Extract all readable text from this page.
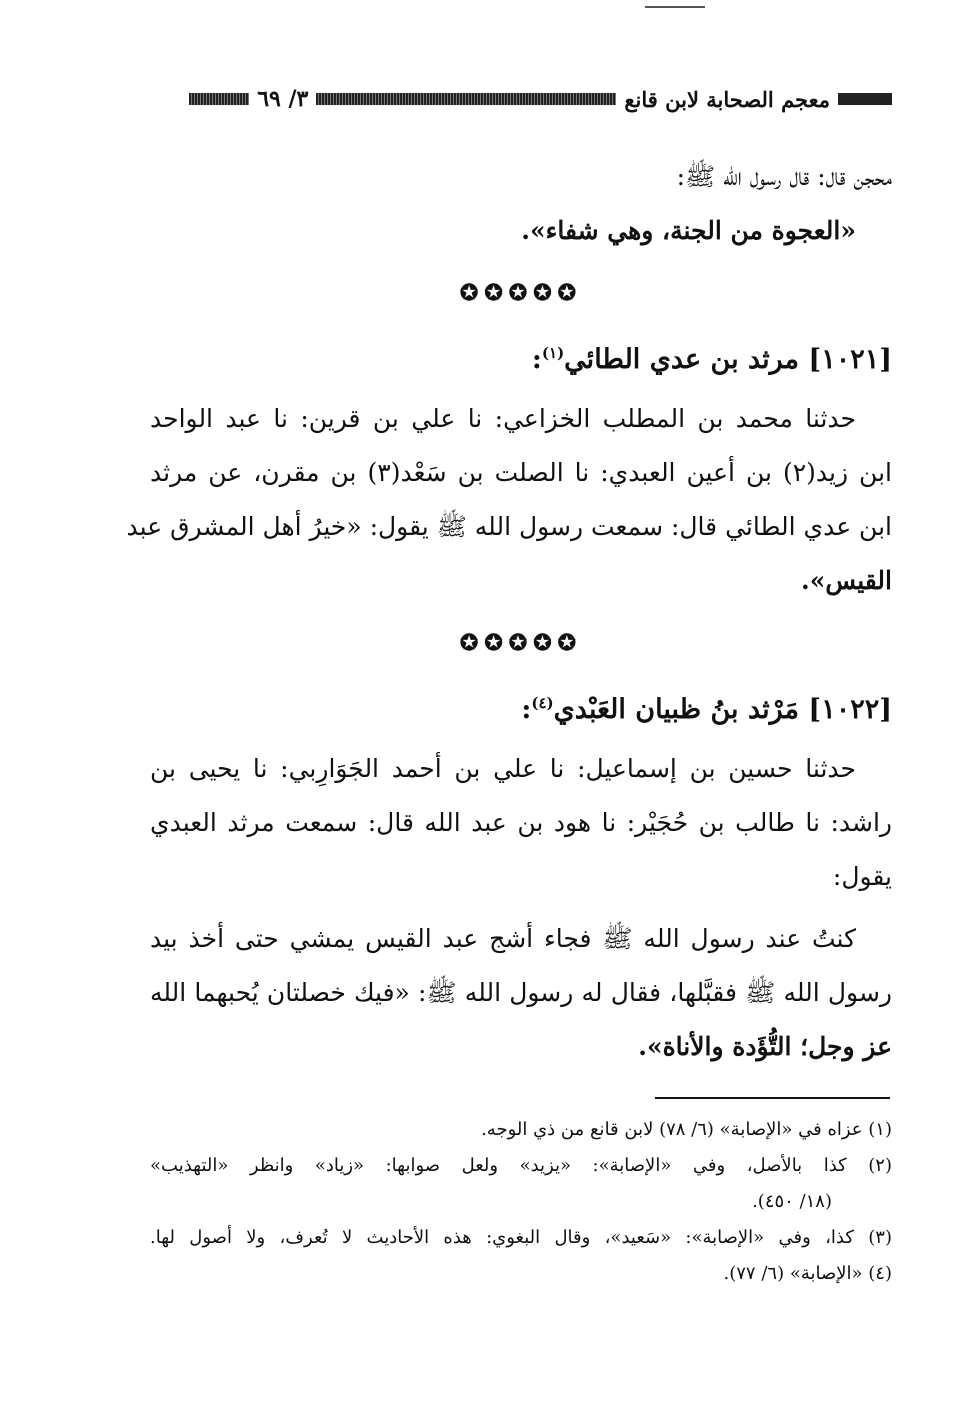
معجم الصحابة لابن قانع
٣/ ٦٩
محجن قال: قال رسول الله ﷺ:
«العجوة من الجنة، وهي شفاء».
✪✪✪✪✪
[١٠٢١] مرثد بن عدي الطائي$^{(١)}$:
حدثنا محمد بن المطلب الخزاعي: نا علي بن قرين: نا عبد الواحد
ابن زيد(٢) بن أعين العبدي: نا الصلت بن سَعْد(٣) بن مقرن، عن مرثد
ابن عدي الطائي قال: سمعت رسول الله ﷺ يقول: «خيرُ أهل المشرق عبد
القيس».
✪✪✪✪✪
[١٠٢٢] مَرْثد بنُ ظبيان العَبْدي$^{(٤)}$:
حدثنا حسين بن إسماعيل: نا علي بن أحمد الجَوَارِبي: نا يحيى بن
راشد: نا طالب بن حُجَيْر: نا هود بن عبد الله قال: سمعت مرثد العبدي
يقول:
كنتُ عند رسول الله ﷺ فجاء أشج عبد القيس يمشي حتى أخذ بيد
رسول الله ﷺ فقبَّلها، فقال له رسول الله ﷺ: «فيك خصلتان يُحبهما الله
عز وجل؛ التُّؤَدة والأناة».
(١) عزاه في «الإصابة» (٦/ ٧٨) لابن قانع من ذي الوجه.
(٢) كذا بالأصل، وفي «الإصابة»: «يزيد» ولعل صوابها: «زياد» وانظر «التهذيب»
(١٨/ ٤٥٠).
(٣) كذا، وفي «الإصابة»: «سَعيد»، وقال البغوي: هذه الأحاديث لا تُعرف، ولا أصول لها.
(٤) «الإصابة» (٦/ ٧٧).
